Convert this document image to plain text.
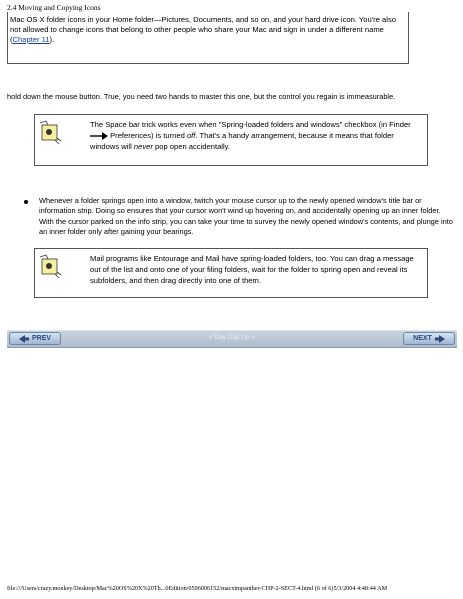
2.4 Moving and Copying Icons
Mac OS X folder icons in your Home folder—Pictures, Documents, and so on, and your hard drive icon. You're also not allowed to change icons that belong to other people who share your Mac and sign in under a different name (Chapter 11).
hold down the mouse button. True, you need two hands to master this one, but the control you regain is immeasurable.
The Space bar trick works even when "Spring-loaded folders and windows" checkbox (in Finder Preferences) is turned off. That's a handy arrangement, because it means that folder windows will never pop open accidentally.
Whenever a folder springs open into a window, twitch your mouse cursor up to the newly opened window's title bar or information strip. Doing so ensures that your cursor won't wind up hovering on, and accidentally opening up an inner folder. With the cursor parked on the info strip, you can take your time to survey the newly opened window's contents, and plunge into an inner folder only after gaining your bearings.
Mail programs like Entourage and Mail have spring-loaded folders, too. You can drag a message out of the list and onto one of your filing folders, wait for the folder to spring open and reveal its subfolders, and then drag directly into one of them.
PREV	< Day Day Up >	NEXT
file:///Users/crazy.monkey/Desktop/Mac%20OS%20X%20Th...0Edition/0596006152/macxtmpanther-CHP-2-SECT-4.html (6 of 6)5/3/2004 4:48:44 AM
